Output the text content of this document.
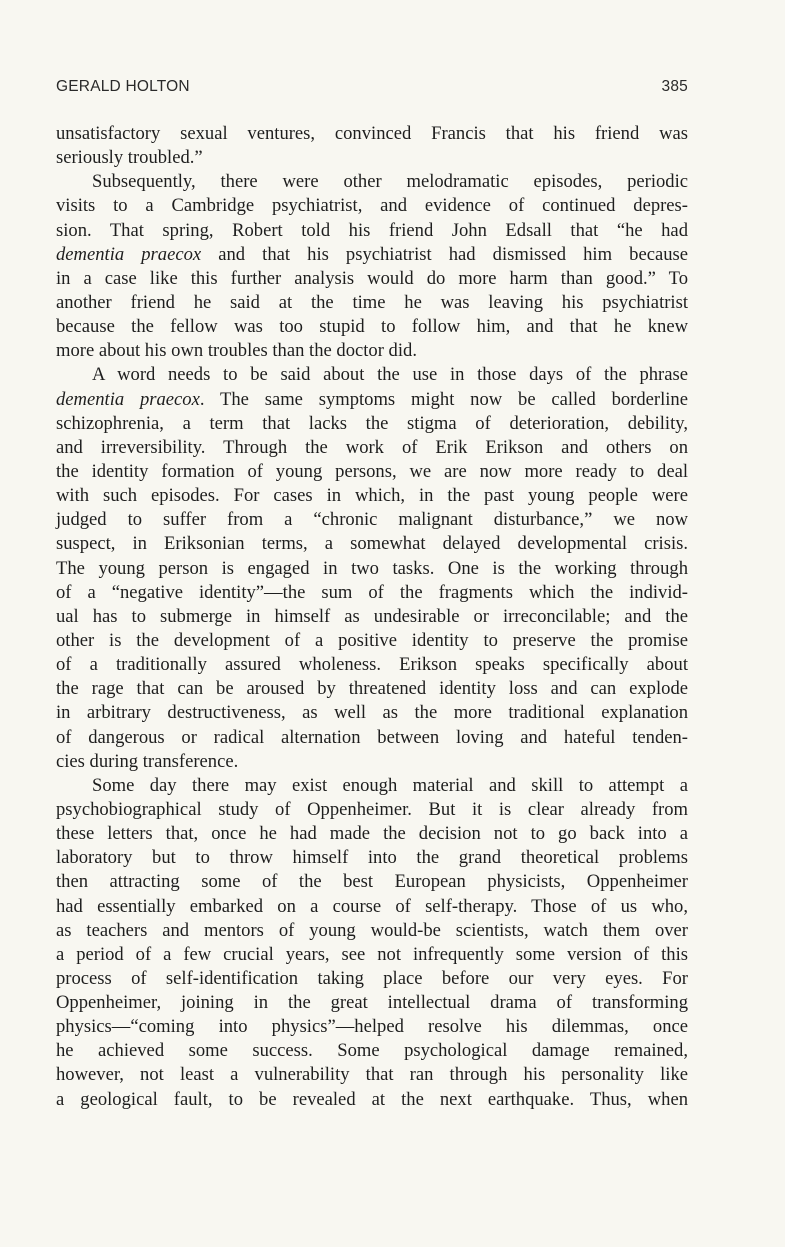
GERALD HOLTON	385
unsatisfactory sexual ventures, convinced Francis that his friend was
seriously troubled.”
Subsequently, there were other melodramatic episodes, periodic
visits to a Cambridge psychiatrist, and evidence of continued depres-
sion. That spring, Robert told his friend John Edsall that “he had
dementia praecox and that his psychiatrist had dismissed him because
in a case like this further analysis would do more harm than good.” To
another friend he said at the time he was leaving his psychiatrist
because the fellow was too stupid to follow him, and that he knew
more about his own troubles than the doctor did.
A word needs to be said about the use in those days of the phrase
dementia praecox. The same symptoms might now be called borderline
schizophrenia, a term that lacks the stigma of deterioration, debility,
and irreversibility. Through the work of Erik Erikson and others on
the identity formation of young persons, we are now more ready to deal
with such episodes. For cases in which, in the past young people were
judged to suffer from a “chronic malignant disturbance,” we now
suspect, in Eriksonian terms, a somewhat delayed developmental crisis.
The young person is engaged in two tasks. One is the working through
of a “negative identity”—the sum of the fragments which the individ-
ual has to submerge in himself as undesirable or irreconcilable; and the
other is the development of a positive identity to preserve the promise
of a traditionally assured wholeness. Erikson speaks specifically about
the rage that can be aroused by threatened identity loss and can explode
in arbitrary destructiveness, as well as the more traditional explanation
of dangerous or radical alternation between loving and hateful tenden-
cies during transference.
Some day there may exist enough material and skill to attempt a
psychobiographical study of Oppenheimer. But it is clear already from
these letters that, once he had made the decision not to go back into a
laboratory but to throw himself into the grand theoretical problems
then attracting some of the best European physicists, Oppenheimer
had essentially embarked on a course of self-therapy. Those of us who,
as teachers and mentors of young would-be scientists, watch them over
a period of a few crucial years, see not infrequently some version of this
process of self-identification taking place before our very eyes. For
Oppenheimer, joining in the great intellectual drama of transforming
physics—“coming into physics”—helped resolve his dilemmas, once
he achieved some success. Some psychological damage remained,
however, not least a vulnerability that ran through his personality like
a geological fault, to be revealed at the next earthquake. Thus, when
